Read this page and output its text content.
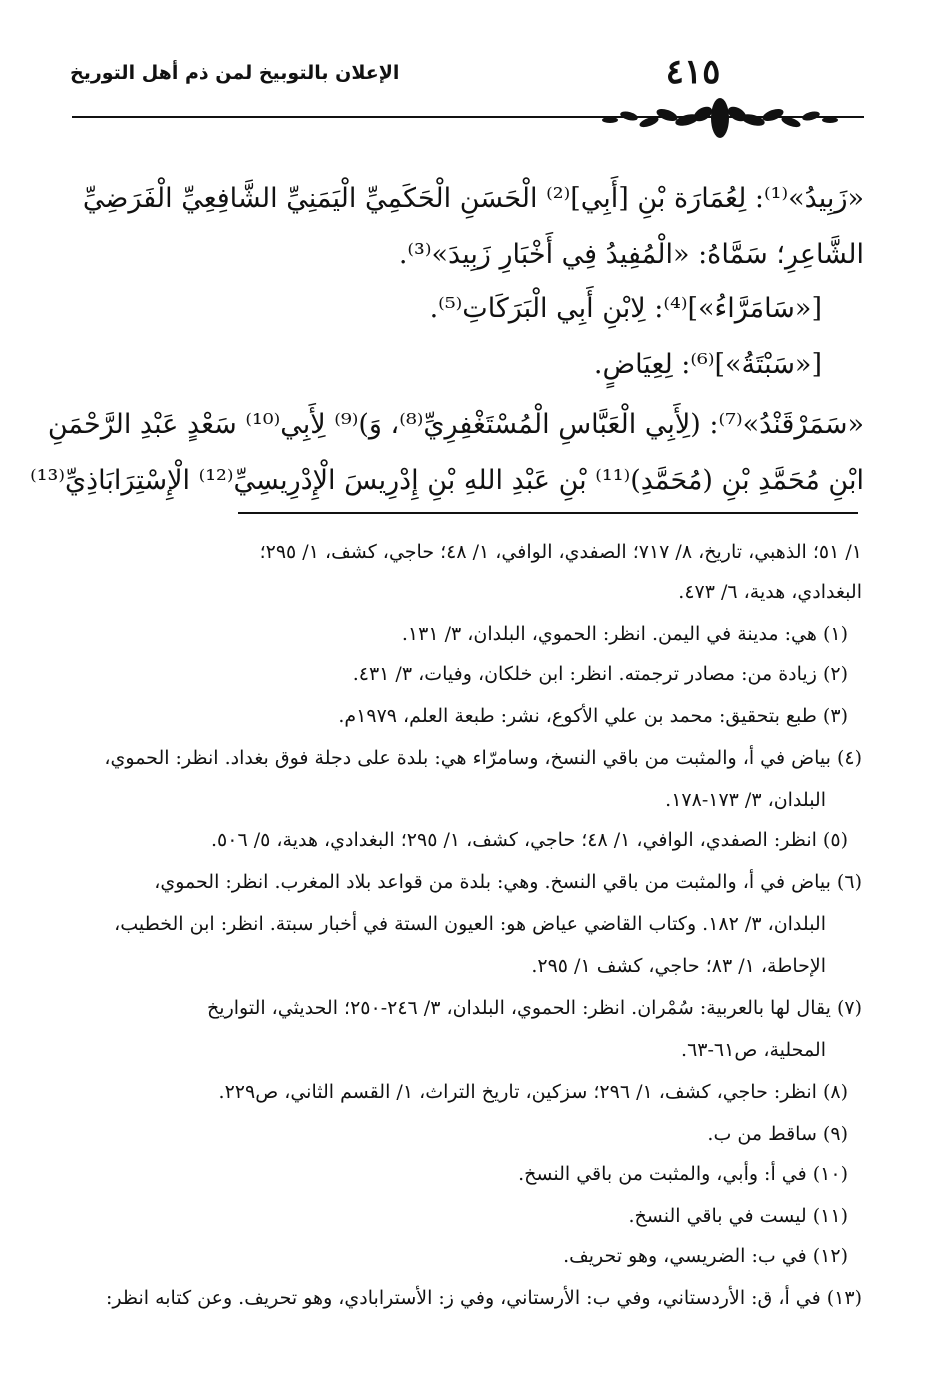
الإعلان بالتوبيخ لمن ذم أهل التوريخ	٤١٥
«زَبِيدُ»⁽¹⁾: لِعُمَارَة بْنِ [أَبِي]⁽²⁾ الْحَسَنِ الْحَكَمِيِّ الْيَمَنِيِّ الشَّافِعِيِّ الْفَرَضِيِّ
الشَّاعِرِ؛ سَمَّاهُ: «الْمُفِيدُ فِي أَخْبَارِ زَبِيدَ»⁽³⁾.
[«سَامَرَّاءُ»]⁽⁴⁾: لِابْنِ أَبِي الْبَرَكَاتِ⁽⁵⁾.
[«سَبْتَةُ»]⁽⁶⁾: لِعِيَاضٍ.
«سَمَرْقَنْدُ»⁽⁷⁾: (لِأَبِي الْعَبَّاسِ الْمُسْتَغْفِرِيِّ⁽⁸⁾، وَ)⁽⁹⁾ لِأَبِي⁽¹⁰⁾ سَعْدٍ عَبْدِ الرَّحْمَنِ
ابْنِ مُحَمَّدِ بْنِ (مُحَمَّدِ)⁽¹¹⁾ بْنِ عَبْدِ اللهِ بْنِ إِدْرِيسَ الْإِدْرِيسِيِّ⁽¹²⁾ الْإِسْتِرَابَاذِيِّ⁽¹³⁾
١/ ٥١؛ الذهبي، تاريخ، ٨/ ٧١٧؛ الصفدي، الوافي، ١/ ٤٨؛ حاجي، كشف، ١/ ٢٩٥؛
البغدادي، هدية، ٦/ ٤٧٣.
(١) هي: مدينة في اليمن. انظر: الحموي، البلدان، ٣/ ١٣١.
(٢) زيادة من: مصادر ترجمته. انظر: ابن خلكان، وفيات، ٣/ ٤٣١.
(٣) طبع بتحقيق: محمد بن علي الأكوع، نشر: طبعة العلم، ١٩٧٩م.
(٤) بياض في أ، والمثبت من باقي النسخ، وسامرّاء هي: بلدة على دجلة فوق بغداد. انظر: الحموي،
البلدان، ٣/ ١٧٣-١٧٨.
(٥) انظر: الصفدي، الوافي، ١/ ٤٨؛ حاجي، كشف، ١/ ٢٩٥؛ البغدادي، هدية، ٥/ ٥٠٦.
(٦) بياض في أ، والمثبت من باقي النسخ. وهي: بلدة من قواعد بلاد المغرب. انظر: الحموي،
البلدان، ٣/ ١٨٢. وكتاب القاضي عياض هو: العيون الستة في أخبار سبتة. انظر: ابن الخطيب،
الإحاطة، ١/ ٨٣؛ حاجي، كشف ١/ ٢٩٥.
(٧) يقال لها بالعربية: سُمْران. انظر: الحموي، البلدان، ٣/ ٢٤٦-٢٥٠؛ الحديثي، التواريخ
المحلية، ص٦١-٦٣.
(٨) انظر: حاجي، كشف، ١/ ٢٩٦؛ سزكين، تاريخ التراث، ١/ القسم الثاني، ص٢٢٩.
(٩) ساقط من ب.
(١٠) في أ: وأبي، والمثبت من باقي النسخ.
(١١) ليست في باقي النسخ.
(١٢) في ب: الضريسي، وهو تحريف.
(١٣) في أ، ق: الأردستاني، وفي ب: الأرستاني، وفي ز: الأسترابادي، وهو تحريف. وعن كتابه انظر:
